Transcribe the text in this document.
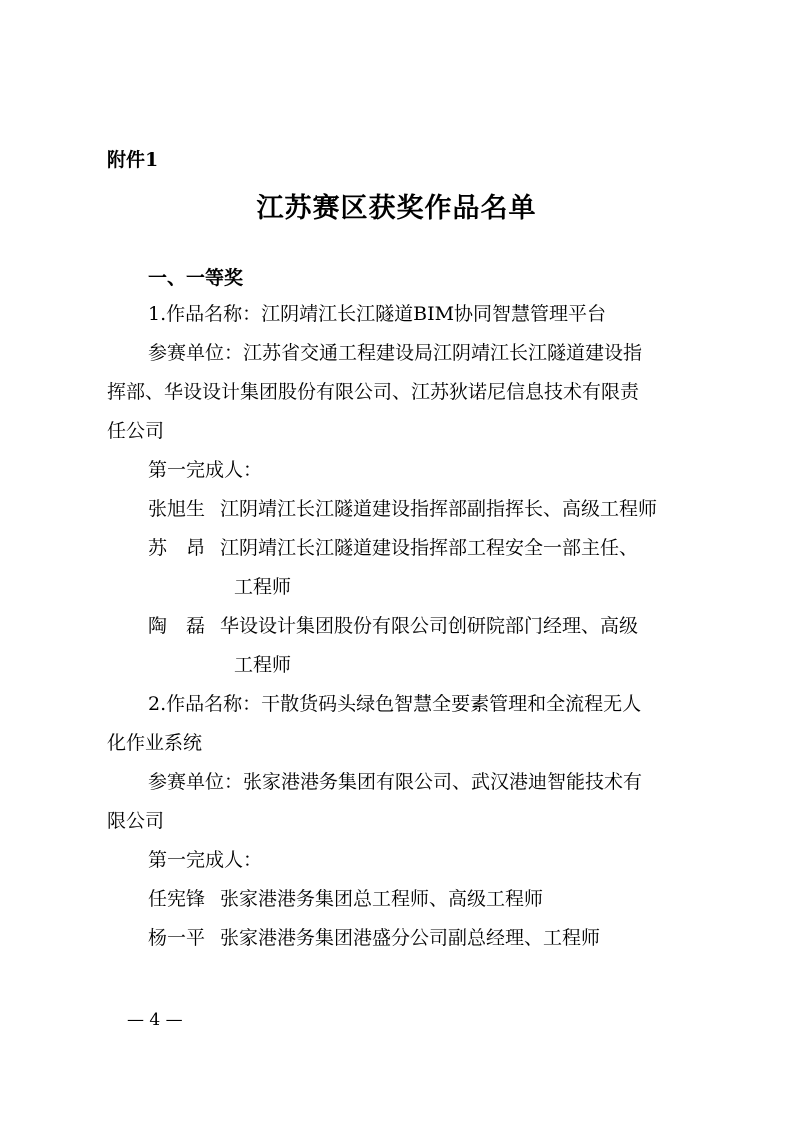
附件1
江苏赛区获奖作品名单
一、一等奖
1.作品名称：江阴靖江长江隧道BIM协同智慧管理平台
参赛单位：江苏省交通工程建设局江阴靖江长江隧道建设指
挥部、华设设计集团股份有限公司、江苏狄诺尼信息技术有限责
任公司
第一完成人：
张旭生 江阴靖江长江隧道建设指挥部副指挥长、高级工程师
苏　昂 江阴靖江长江隧道建设指挥部工程安全一部主任、
工程师
陶　磊 华设设计集团股份有限公司创研院部门经理、高级
工程师
2.作品名称：干散货码头绿色智慧全要素管理和全流程无人
化作业系统
参赛单位：张家港港务集团有限公司、武汉港迪智能技术有
限公司
第一完成人：
任宪锋 张家港港务集团总工程师、高级工程师
杨一平 张家港港务集团港盛分公司副总经理、工程师
— 4 —
